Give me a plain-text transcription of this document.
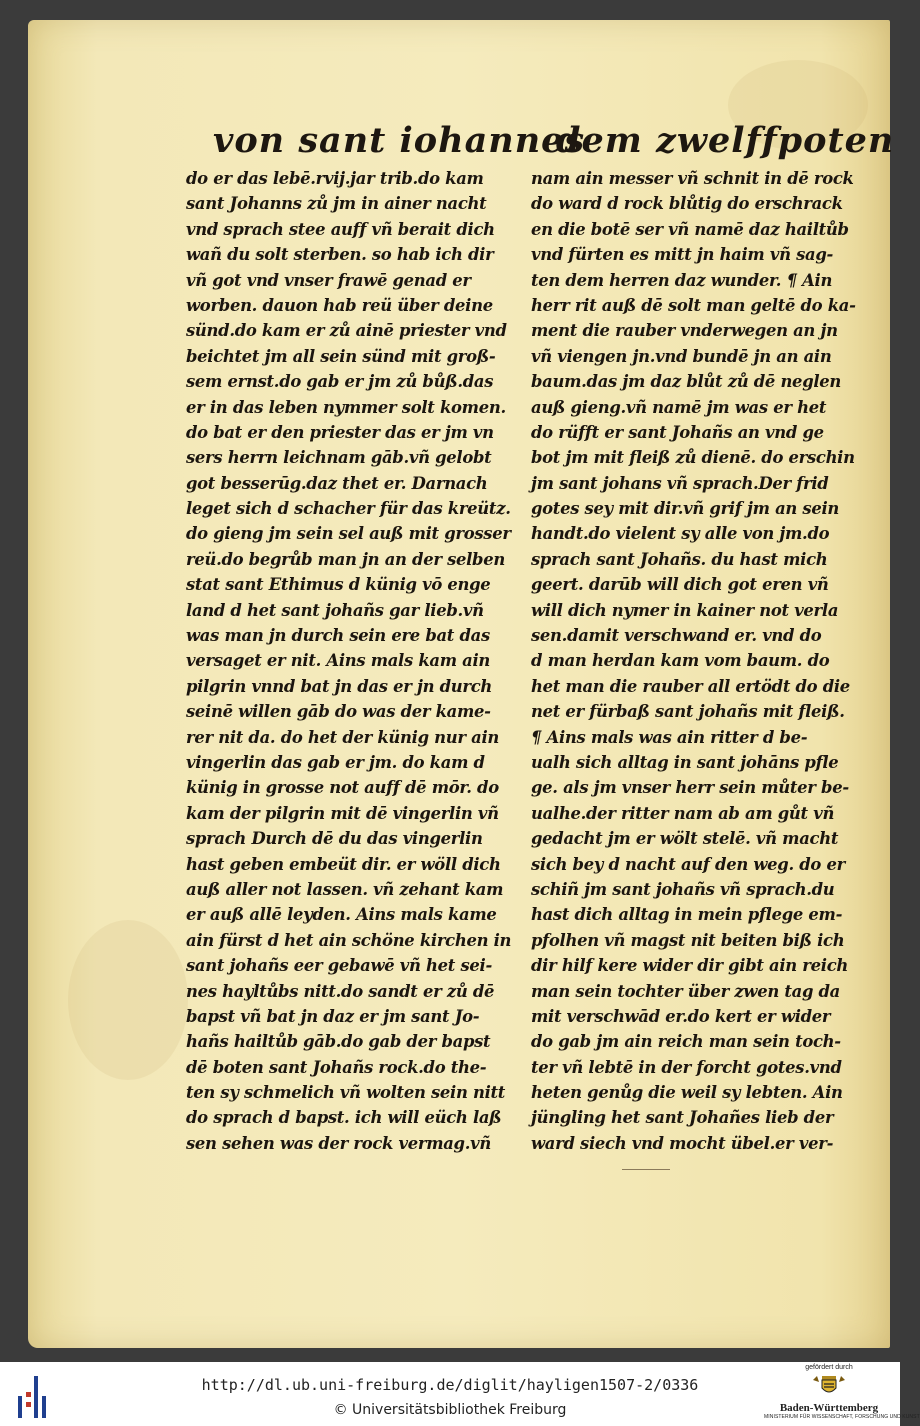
von sant iohannes
dem zwelffpoten
do er das lebē.rvij.jar trib.do kam
sant Johanns zů jm in ainer nacht
vnd sprach stee auff vñ berait dich
wañ du solt sterben. so hab ich dir
vñ got vnd vnser frawē genad er
worben. dauon hab reü über deine
sünd.do kam er zů ainē priester vnd
beichtet jm all sein sünd mit groß-
sem ernst.do gab er jm zů bůß.das
er in das leben nymmer solt komen.
do bat er den priester das er jm vn
sers herrn leichnam gāb.vñ gelobt
got besserūg.daz thet er. Darnach
leget sich d schacher für das kreütz.
do gieng jm sein sel auß mit grosser
reü.do begrůb man jn an der selben
stat sant Ethimus d künig vō enge
land d het sant johañs gar lieb.vñ
was man jn durch sein ere bat das
versaget er nit. Ains mals kam ain
pilgrin vnnd bat jn das er jn durch
seinē willen gāb do was der kame-
rer nit da. do het der künig nur ain
vingerlin das gab er jm. do kam d
künig in grosse not auff dē mōr. do
kam der pilgrin mit dē vingerlin vñ
sprach Durch dē du das vingerlin
hast geben embeüt dir. er wöll dich
auß aller not lassen. vñ zehant kam
er auß allē leyden. Ains mals kame
ain fürst d het ain schöne kirchen in
sant johañs eer gebawē vñ het sei-
nes hayltůbs nitt.do sandt er zů dē
bapst vñ bat jn daz er jm sant Jo-
hañs hailtůb gāb.do gab der bapst
dē boten sant Johañs rock.do the-
ten sy schmelich vñ wolten sein nitt
do sprach d bapst. ich will eüch laß
sen sehen was der rock vermag.vñ
nam ain messer vñ schnit in dē rock
do ward d rock blůtig do erschrack
en die botē ser vñ namē daz hailtůb
vnd fürten es mitt jn haim vñ sag-
ten dem herren daz wunder. ¶ Ain
herr rit auß dē solt man geltē do ka-
ment die rauber vnderwegen an jn
vñ viengen jn.vnd bundē jn an ain
baum.das jm daz blůt zů dē neglen
auß gieng.vñ namē jm was er het
do rüfft er sant Johañs an vnd ge
bot jm mit fleiß zů dienē. do erschin
jm sant johans vñ sprach.Der frid
gotes sey mit dir.vñ grif jm an sein
handt.do vielent sy alle von jm.do
sprach sant Johañs. du hast mich
geert. darūb will dich got eren vñ
will dich nymer in kainer not verla
sen.damit verschwand er. vnd do
d man herdan kam vom baum. do
het man die rauber all ertödt do die
net er fürbaß sant johañs mit fleiß.
¶ Ains mals was ain ritter d be-
ualh sich alltag in sant johāns pfle
ge. als jm vnser herr sein můter be-
ualhe.der ritter nam ab am gůt vñ
gedacht jm er wölt stelē. vñ macht
sich bey d nacht auf den weg. do er
schiñ jm sant johañs vñ sprach.du
hast dich alltag in mein pflege em-
pfolhen vñ magst nit beiten biß ich
dir hilf kere wider dir gibt ain reich
man sein tochter über zwen tag da
mit verschwād er.do kert er wider
do gab jm ain reich man sein toch-
ter vñ lebtē in der forcht gotes.vnd
heten genůg die weil sy lebten. Ain
jüngling het sant Johañes lieb der
ward siech vnd mocht übel.er ver-
http://dl.ub.uni-freiburg.de/diglit/hayligen1507-2/0336
© Universitätsbibliothek Freiburg
gefördert durch
Baden-Württemberg
MINISTERIUM FÜR WISSENSCHAFT, FORSCHUNG UND KUNST
